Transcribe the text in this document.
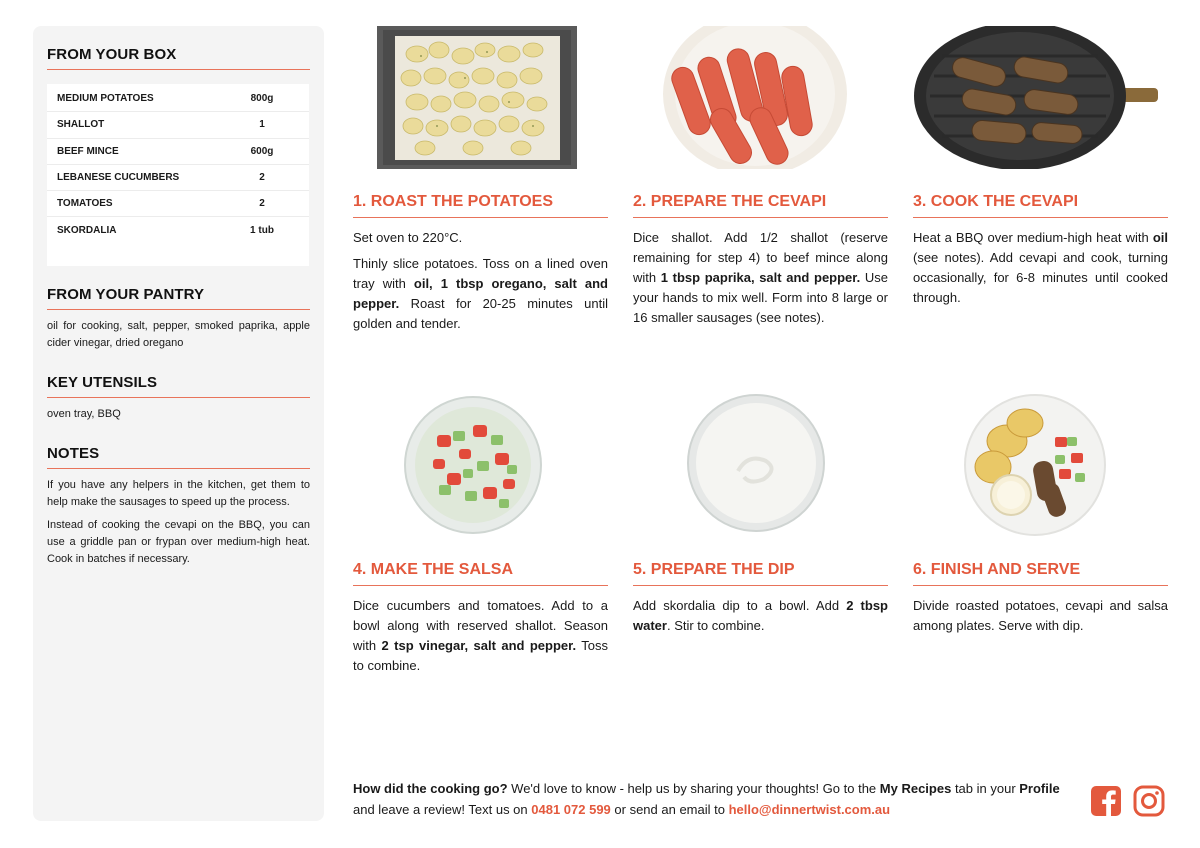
FROM YOUR BOX
MEDIUM POTATOES	800g
SHALLOT	1
BEEF MINCE	600g
LEBANESE CUCUMBERS	2
TOMATOES	2
SKORDALIA	1 tub
FROM YOUR PANTRY

oil for cooking, salt, pepper, smoked paprika, apple cider vinegar, dried oregano

KEY UTENSILS

oven tray, BBQ

NOTES

If you have any helpers in the kitchen, get them to help make the sausages to speed up the process.

Instead of cooking the cevapi on the BBQ, you can use a griddle pan or frypan over medium-high heat. Cook in batches if necessary.

1. ROAST THE POTATOES

Set oven to 220°C.

Thinly slice potatoes. Toss on a lined oven tray with oil, 1 tbsp oregano, salt and pepper. Roast for 20-25 minutes until golden and tender.

2. PREPARE THE CEVAPI

Dice shallot. Add 1/2 shallot (reserve remaining for step 4) to beef mince along with 1 tbsp paprika, salt and pepper. Use your hands to mix well. Form into 8 large or 16 smaller sausages (see notes).

3. COOK THE CEVAPI

Heat a BBQ over medium-high heat with oil (see notes). Add cevapi and cook, turning occasionally, for 6-8 minutes until cooked through.

4. MAKE THE SALSA

Dice cucumbers and tomatoes. Add to a bowl along with reserved shallot. Season with 2 tsp vinegar, salt and pepper. Toss to combine.

5. PREPARE THE DIP

Add skordalia dip to a bowl. Add 2 tbsp water. Stir to combine.

6. FINISH AND SERVE

Divide roasted potatoes, cevapi and salsa among plates. Serve with dip.

How did the cooking go? We'd love to know - help us by sharing your thoughts! Go to the My Recipes tab in your Profile and leave a review! Text us on 0481 072 599 or send an email to hello@dinnertwist.com.au
